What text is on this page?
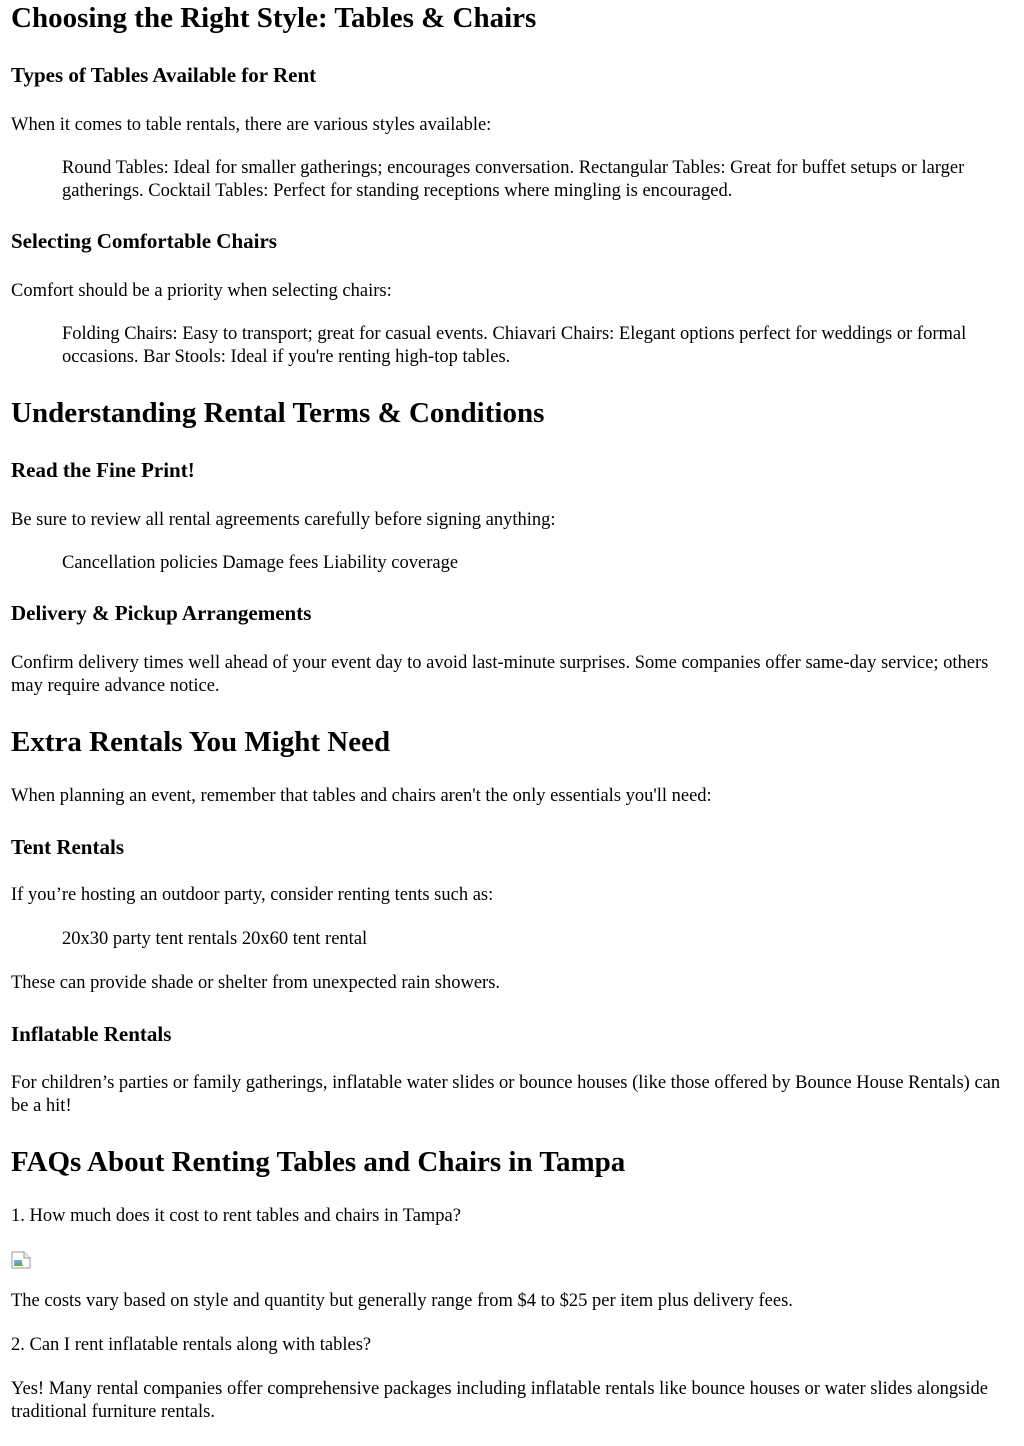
Choosing the Right Style: Tables & Chairs
Types of Tables Available for Rent

When it comes to table rentals, there are various styles available:

Round Tables: Ideal for smaller gatherings; encourages conversation. Rectangular Tables: Great for buffet setups or larger gatherings. Cocktail Tables: Perfect for standing receptions where mingling is encouraged.

Selecting Comfortable Chairs

Comfort should be a priority when selecting chairs:

Folding Chairs: Easy to transport; great for casual events. Chiavari Chairs: Elegant options perfect for weddings or formal occasions. Bar Stools: Ideal if you're renting high-top tables.

Understanding Rental Terms & Conditions
Read the Fine Print!

Be sure to review all rental agreements carefully before signing anything:

Cancellation policies Damage fees Liability coverage

Delivery & Pickup Arrangements

Confirm delivery times well ahead of your event day to avoid last-minute surprises. Some companies offer same-day service; others may require advance notice.

Extra Rentals You Might Need

When planning an event, remember that tables and chairs aren't the only essentials you'll need:

Tent Rentals

If you’re hosting an outdoor party, consider renting tents such as:

20x30 party tent rentals 20x60 tent rental

These can provide shade or shelter from unexpected rain showers.

Inflatable Rentals

For children’s parties or family gatherings, inflatable water slides or bounce houses (like those offered by Bounce House Rentals) can be a hit!

FAQs About Renting Tables and Chairs in Tampa

1. How much does it cost to rent tables and chairs in Tampa?

The costs vary based on style and quantity but generally range from $4 to $25 per item plus delivery fees.

2. Can I rent inflatable rentals along with tables?

Yes! Many rental companies offer comprehensive packages including inflatable rentals like bounce houses or water slides alongside traditional furniture rentals.
